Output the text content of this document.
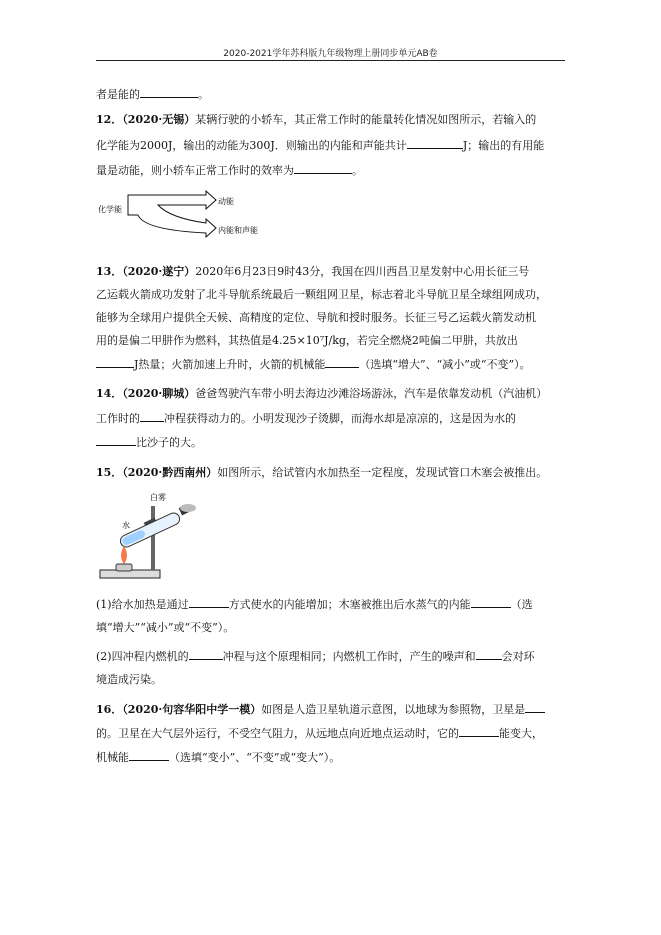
2020-2021学年苏科版九年级物理上册同步单元AB卷
者是能的	。
12．（2020·无锡）某辆行驶的小轿车，其正常工作时的能量转化情况如图所示，若输入的
化学能为2000J，输出的动能为300J．则输出的内能和声能共计	J；输出的有用能
量是动能，则小轿车正常工作时的效率为	。
化学能
动能
内能和声能
13．（2020·遂宁）2020年6月23日9时43分，我国在四川西昌卫星发射中心用长征三号
乙运载火箭成功发射了北斗导航系统最后一颗组网卫星，标志着北斗导航卫星全球组网成功，
能够为全球用户提供全天候、高精度的定位、导航和授时服务。长征三号乙运载火箭发动机
用的是偏二甲肼作为燃料，其热值是4.25×10⁷J/kg，若完全燃烧2吨偏二甲肼，共放出
J热量；火箭加速上升时，火箭的机械能	（选填“增大”、“减小”或“不变”）。
14．（2020·聊城）爸爸驾驶汽车带小明去海边沙滩浴场游泳，汽车是依靠发动机（汽油机）
工作时的 冲程获得动力的。小明发现沙子烫脚，而海水却是凉凉的，这是因为水的
比沙子的大。
15．（2020·黔西南州）如图所示，给试管内水加热至一定程度，发现试管口木塞会被推出。
白雾
水
(1)给水加热是通过	方式使水的内能增加；木塞被推出后水蒸气的内能	（选
填“增大”“减小”或“不变”）。
(2)四冲程内燃机的	冲程与这个原理相同；内燃机工作时，产生的噪声和 会对环
境造成污染。
16．（2020·句容华阳中学一模）如图是人造卫星轨道示意图，以地球为参照物，卫星是
的。卫星在大气层外运行，不受空气阻力，从远地点向近地点运动时，它的	能变大，
机械能	（选填“变小”、“不变”或“变大”）。
